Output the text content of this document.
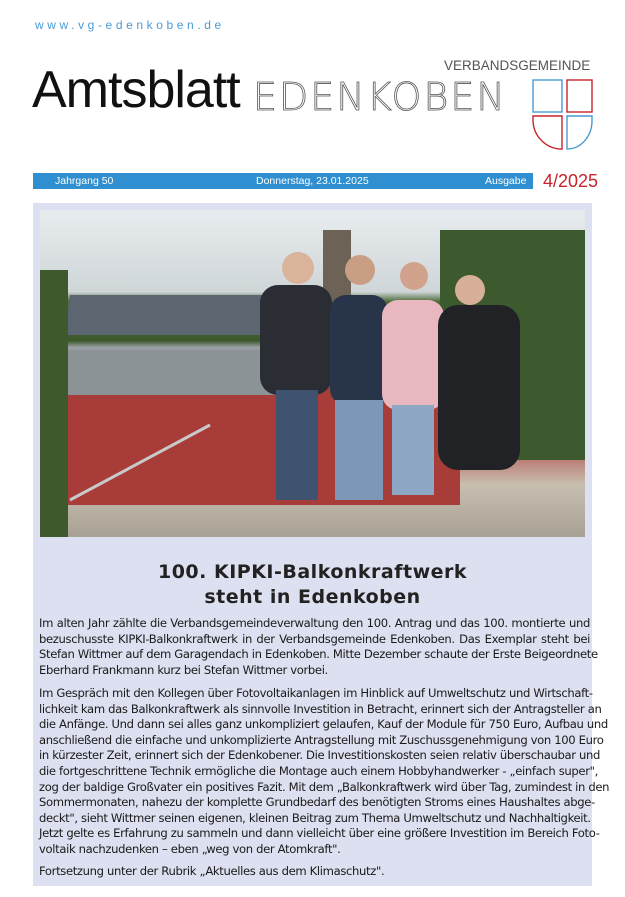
www.vg-edenkoben.de
Amtsblatt	VERBANDSGEMEINDE
EDENKOBEN
Jahrgang 50	Donnerstag, 23.01.2025	Ausgabe 4/2025
100. KIPKI-Balkonkraftwerk
steht in Edenkoben
Im alten Jahr zählte die Verbandsgemeindeverwaltung den 100. Antrag und das 100. montierte und
bezuschusste KIPKI-Balkonkraftwerk in der Verbandsgemeinde Edenkoben. Das Exemplar steht bei
Stefan Wittmer auf dem Garagendach in Edenkoben. Mitte Dezember schaute der Erste Beigeordnete
Eberhard Frankmann kurz bei Stefan Wittmer vorbei.
Im Gespräch mit den Kollegen über Fotovoltaikanlagen im Hinblick auf Umweltschutz und Wirtschaft-
lichkeit kam das Balkonkraftwerk als sinnvolle Investition in Betracht, erinnert sich der Antragsteller an
die Anfänge. Und dann sei alles ganz unkompliziert gelaufen, Kauf der Module für 750 Euro, Aufbau und
anschließend die einfache und unkomplizierte Antragstellung mit Zuschussgenehmigung von 100 Euro
in kürzester Zeit, erinnert sich der Edenkobener. Die Investitionskosten seien relativ überschaubar und
die fortgeschrittene Technik ermögliche die Montage auch einem Hobbyhandwerker - „einfach super",
zog der baldige Großvater ein positives Fazit. Mit dem „Balkonkraftwerk wird über Tag, zumindest in den
Sommermonaten, nahezu der komplette Grundbedarf des benötigten Stroms eines Haushaltes abge-
deckt", sieht Wittmer seinen eigenen, kleinen Beitrag zum Thema Umweltschutz und Nachhaltigkeit.
Jetzt gelte es Erfahrung zu sammeln und dann vielleicht über eine größere Investition im Bereich Foto-
voltaik nachzudenken – eben „weg von der Atomkraft".
Fortsetzung unter der Rubrik „Aktuelles aus dem Klimaschutz".
